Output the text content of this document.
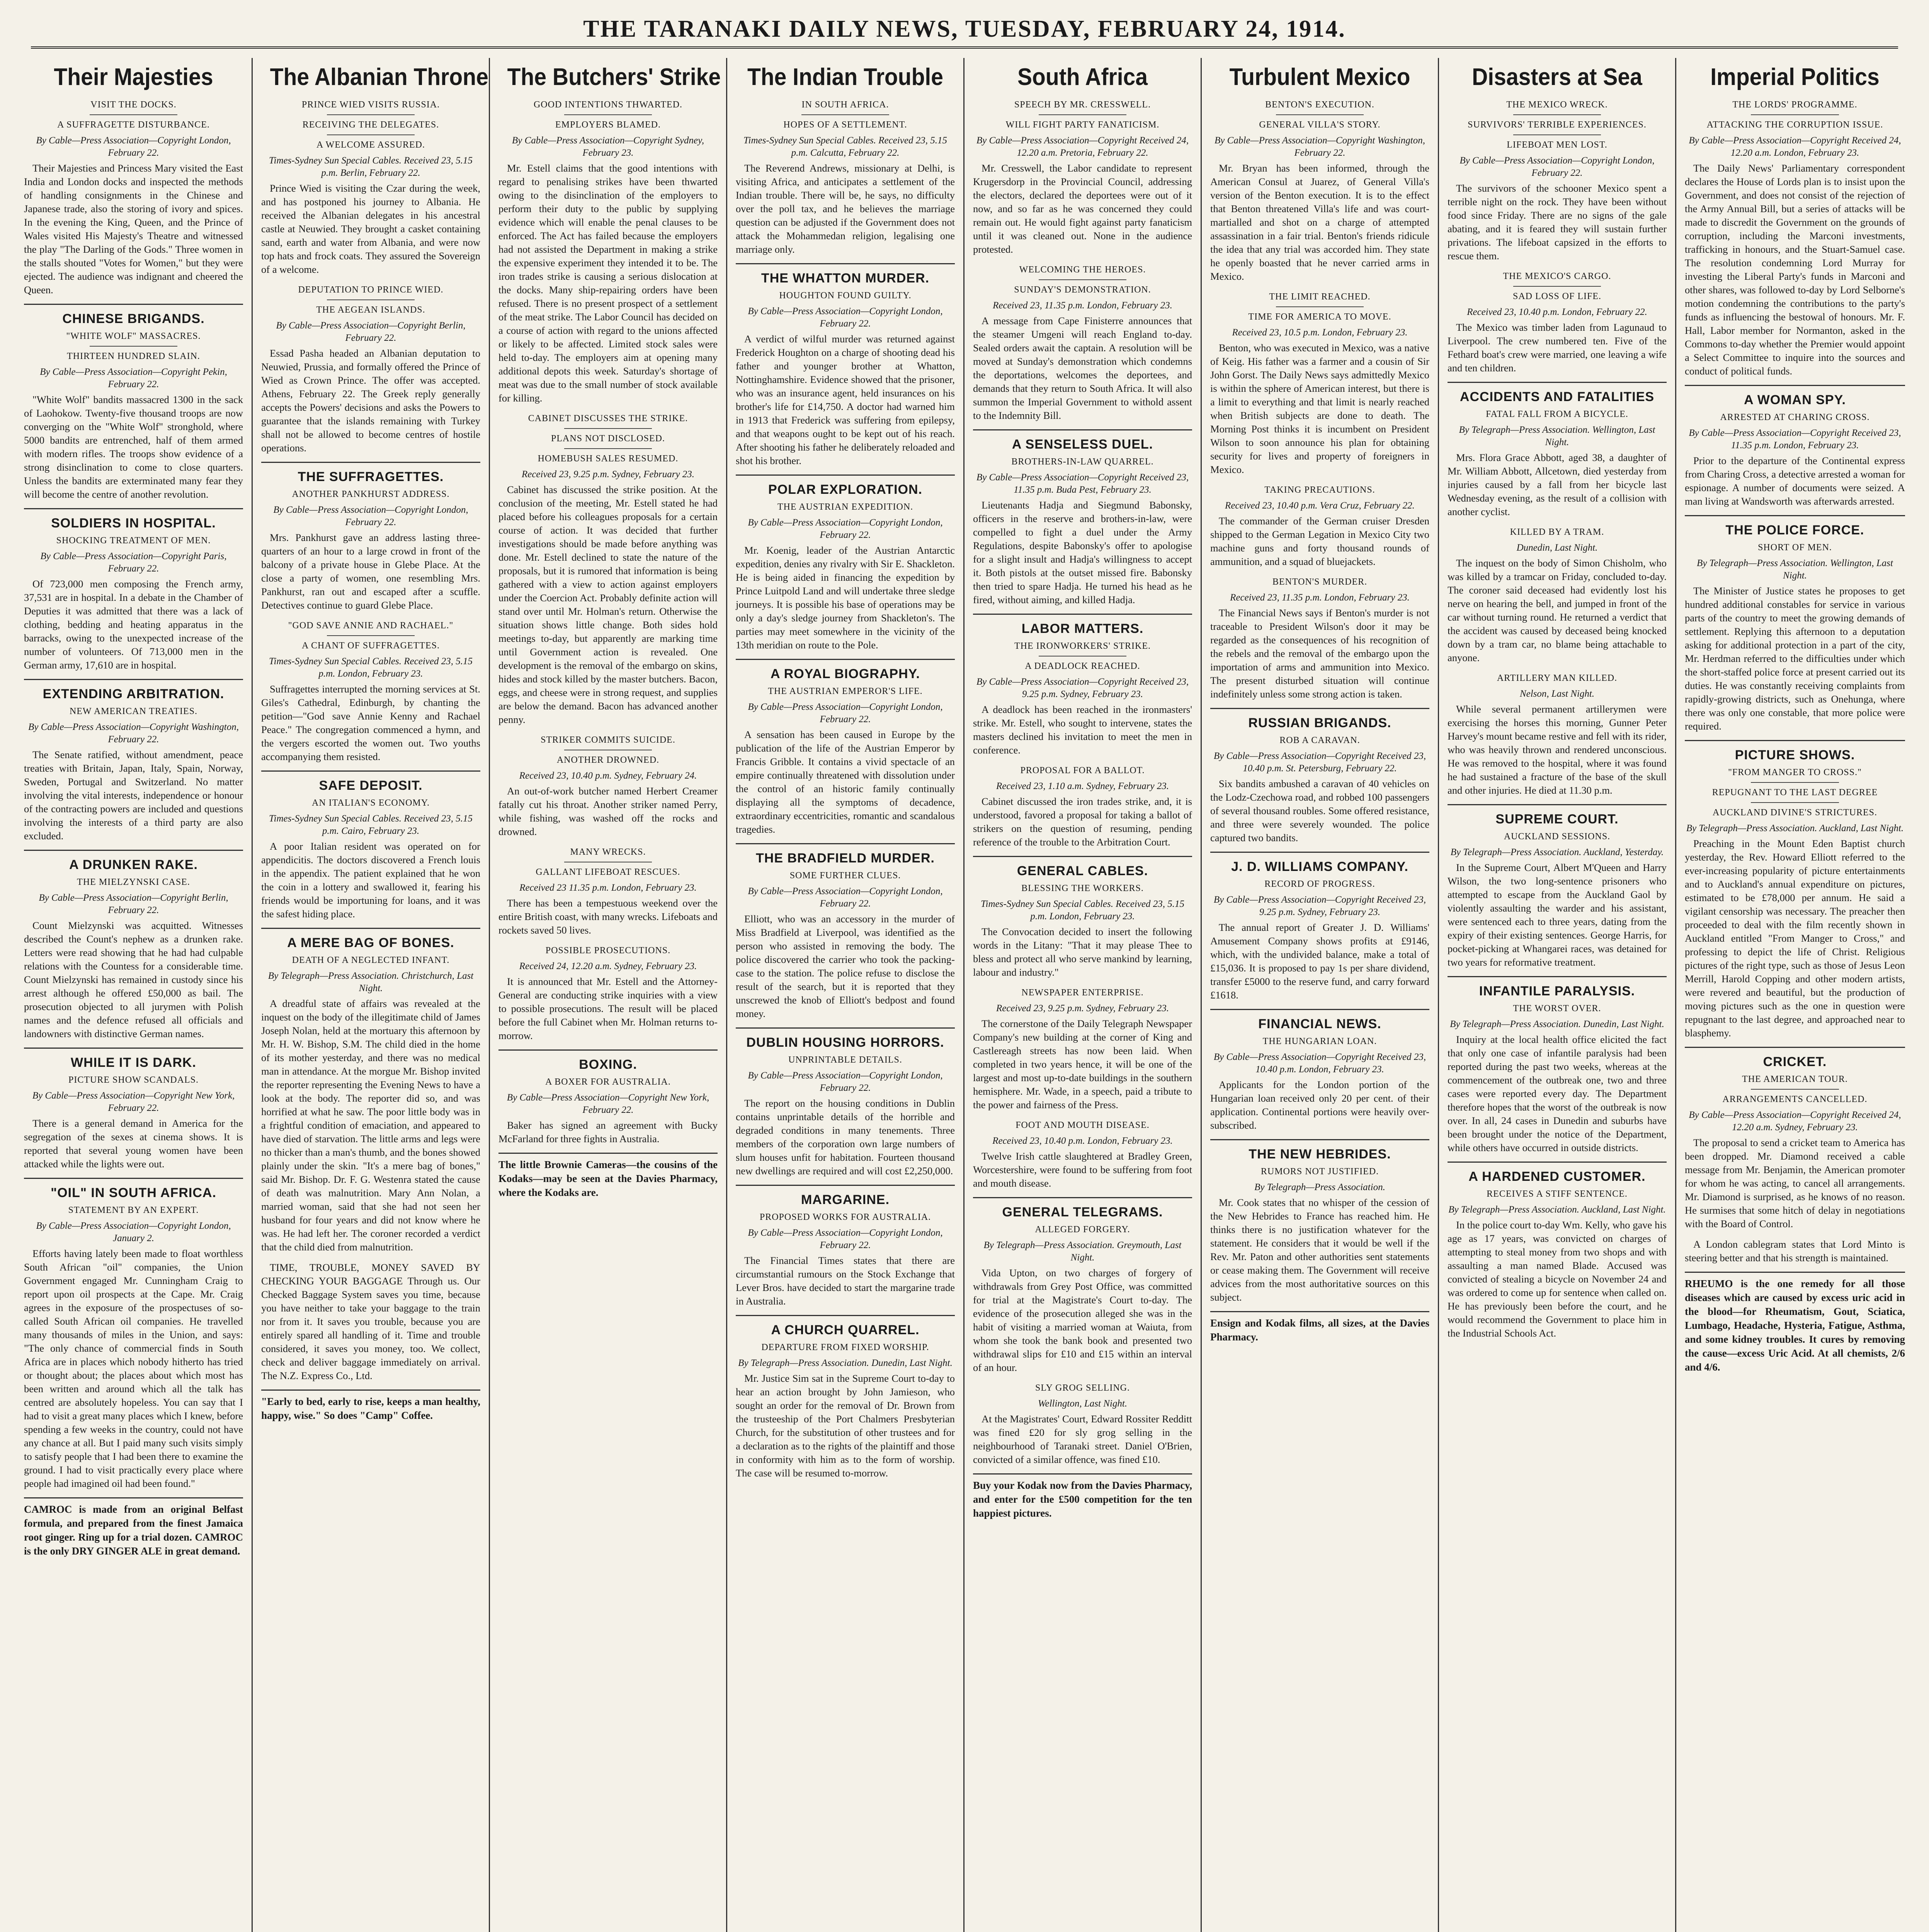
THE TARANAKI DAILY NEWS, TUESDAY, FEBRUARY 24, 1914.
Their Majesties
VISIT THE DOCKS.
A SUFFRAGETTE DISTURBANCE.
By Cable—Press Association—Copyright London, February 22.
Their Majesties and Princess Mary visited the East India and London docks and inspected the methods of handling consignments in the Chinese and Japanese trade, also the storing of ivory and spices. In the evening the King, Queen, and the Prince of Wales visited His Majesty's Theatre and witnessed the play "The Darling of the Gods." Three women in the stalls shouted "Votes for Women," but they were ejected. The audience was indignant and cheered the Queen.
CHINESE BRIGANDS.
"WHITE WOLF" MASSACRES.
THIRTEEN HUNDRED SLAIN.
By Cable—Press Association—Copyright Pekin, February 22.
"White Wolf" bandits massacred 1300 in the sack of Laohokow. Twenty-five thousand troops are now converging on the "White Wolf" stronghold, where 5000 bandits are entrenched, half of them armed with modern rifles. The troops show evidence of a strong disinclination to come to close quarters. Unless the bandits are exterminated many fear they will become the centre of another revolution.
SOLDIERS IN HOSPITAL.
SHOCKING TREATMENT OF MEN.
By Cable—Press Association—Copyright Paris, February 22.
Of 723,000 men composing the French army, 37,531 are in hospital. In a debate in the Chamber of Deputies it was admitted that there was a lack of clothing, bedding and heating apparatus in the barracks, owing to the unexpected increase of the number of volunteers. Of 713,000 men in the German army, 17,610 are in hospital.
EXTENDING ARBITRATION.
NEW AMERICAN TREATIES.
By Cable—Press Association—Copyright Washington, February 22.
The Senate ratified, without amendment, peace treaties with Britain, Japan, Italy, Spain, Norway, Sweden, Portugal and Switzerland. No matter involving the vital interests, independence or honour of the contracting powers are included and questions involving the interests of a third party are also excluded.
A DRUNKEN RAKE.
THE MIELZYNSKI CASE.
By Cable—Press Association—Copyright Berlin, February 22.
Count Mielzynski was acquitted. Witnesses described the Count's nephew as a drunken rake. Letters were read showing that he had had culpable relations with the Countess for a considerable time. Count Mielzynski has remained in custody since his arrest although he offered £50,000 as bail. The prosecution objected to all jurymen with Polish names and the defence refused all officials and landowners with distinctive German names.
WHILE IT IS DARK.
PICTURE SHOW SCANDALS.
By Cable—Press Association—Copyright New York, February 22.
There is a general demand in America for the segregation of the sexes at cinema shows. It is reported that several young women have been attacked while the lights were out.
"OIL" IN SOUTH AFRICA.
STATEMENT BY AN EXPERT.
By Cable—Press Association—Copyright London, January 2.
Efforts having lately been made to float worthless South African "oil" companies, the Union Government engaged Mr. Cunningham Craig to report upon oil prospects at the Cape. Mr. Craig agrees in the exposure of the prospectuses of so-called South African oil companies. He travelled many thousands of miles in the Union, and says: "The only chance of commercial finds in South Africa are in places which nobody hitherto has tried or thought about; the places about which most has been written and around which all the talk has centred are absolutely hopeless. You can say that I had to visit a great many places which I knew, before spending a few weeks in the country, could not have any chance at all. But I paid many such visits simply to satisfy people that I had been there to examine the ground. I had to visit practically every place where people had imagined oil had been found."
CAMROC is made from an original Belfast formula, and prepared from the finest Jamaica root ginger. Ring up for a trial dozen. CAMROC is the only DRY GINGER ALE in great demand.
The Albanian Throne
PRINCE WIED VISITS RUSSIA.
RECEIVING THE DELEGATES.
A WELCOME ASSURED.
Times-Sydney Sun Special Cables. Received 23, 5.15 p.m. Berlin, February 22.
Prince Wied is visiting the Czar during the week, and has postponed his journey to Albania. He received the Albanian delegates in his ancestral castle at Neuwied. They brought a casket containing sand, earth and water from Albania, and were now top hats and frock coats. They assured the Sovereign of a welcome.
DEPUTATION TO PRINCE WIED.
THE AEGEAN ISLANDS.
By Cable—Press Association—Copyright Berlin, February 22.
Essad Pasha headed an Albanian deputation to Neuwied, Prussia, and formally offered the Prince of Wied as Crown Prince. The offer was accepted. Athens, February 22. The Greek reply generally accepts the Powers' decisions and asks the Powers to guarantee that the islands remaining with Turkey shall not be allowed to become centres of hostile operations.
THE SUFFRAGETTES.
ANOTHER PANKHURST ADDRESS.
By Cable—Press Association—Copyright London, February 22.
Mrs. Pankhurst gave an address lasting three-quarters of an hour to a large crowd in front of the balcony of a private house in Glebe Place. At the close a party of women, one resembling Mrs. Pankhurst, ran out and escaped after a scuffle. Detectives continue to guard Glebe Place.
"GOD SAVE ANNIE AND RACHAEL."
A CHANT OF SUFFRAGETTES.
Times-Sydney Sun Special Cables. Received 23, 5.15 p.m. London, February 23.
Suffragettes interrupted the morning services at St. Giles's Cathedral, Edinburgh, by chanting the petition—"God save Annie Kenny and Rachael Peace." The congregation commenced a hymn, and the vergers escorted the women out. Two youths accompanying them resisted.
SAFE DEPOSIT.
AN ITALIAN'S ECONOMY.
Times-Sydney Sun Special Cables. Received 23, 5.15 p.m. Cairo, February 23.
A poor Italian resident was operated on for appendicitis. The doctors discovered a French louis in the appendix. The patient explained that he won the coin in a lottery and swallowed it, fearing his friends would be importuning for loans, and it was the safest hiding place.
A MERE BAG OF BONES.
DEATH OF A NEGLECTED INFANT.
By Telegraph—Press Association. Christchurch, Last Night.
A dreadful state of affairs was revealed at the inquest on the body of the illegitimate child of James Joseph Nolan, held at the mortuary this afternoon by Mr. H. W. Bishop, S.M. The child died in the home of its mother yesterday, and there was no medical man in attendance. At the morgue Mr. Bishop invited the reporter representing the Evening News to have a look at the body. The reporter did so, and was horrified at what he saw. The poor little body was in a frightful condition of emaciation, and appeared to have died of starvation. The little arms and legs were no thicker than a man's thumb, and the bones showed plainly under the skin. "It's a mere bag of bones," said Mr. Bishop. Dr. F. G. Westenra stated the cause of death was malnutrition. Mary Ann Nolan, a married woman, said that she had not seen her husband for four years and did not know where he was. He had left her. The coroner recorded a verdict that the child died from malnutrition.
TIME, TROUBLE, MONEY SAVED BY CHECKING YOUR BAGGAGE Through us. Our Checked Baggage System saves you time, because you have neither to take your baggage to the train nor from it. It saves you trouble, because you are entirely spared all handling of it. Time and trouble considered, it saves you money, too. We collect, check and deliver baggage immediately on arrival. The N.Z. Express Co., Ltd.
"Early to bed, early to rise, keeps a man healthy, happy, wise." So does "Camp" Coffee.
The Butchers' Strike
GOOD INTENTIONS THWARTED.
EMPLOYERS BLAMED.
By Cable—Press Association—Copyright Sydney, February 23.
Mr. Estell claims that the good intentions with regard to penalising strikes have been thwarted owing to the disinclination of the employers to perform their duty to the public by supplying evidence which will enable the penal clauses to be enforced. The Act has failed because the employers had not assisted the Department in making a strike the expensive experiment they intended it to be. The iron trades strike is causing a serious dislocation at the docks. Many ship-repairing orders have been refused. There is no present prospect of a settlement of the meat strike. The Labor Council has decided on a course of action with regard to the unions affected or likely to be affected. Limited stock sales were held to-day. The employers aim at opening many additional depots this week. Saturday's shortage of meat was due to the small number of stock available for killing.
CABINET DISCUSSES THE STRIKE.
PLANS NOT DISCLOSED.
HOMEBUSH SALES RESUMED.
Received 23, 9.25 p.m. Sydney, February 23.
Cabinet has discussed the strike position. At the conclusion of the meeting, Mr. Estell stated he had placed before his colleagues proposals for a certain course of action. It was decided that further investigations should be made before anything was done. Mr. Estell declined to state the nature of the proposals, but it is rumored that information is being gathered with a view to action against employers under the Coercion Act. Probably definite action will stand over until Mr. Holman's return. Otherwise the situation shows little change. Both sides hold meetings to-day, but apparently are marking time until Government action is revealed. One development is the removal of the embargo on skins, hides and stock killed by the master butchers. Bacon, eggs, and cheese were in strong request, and supplies are below the demand. Bacon has advanced another penny.
STRIKER COMMITS SUICIDE.
ANOTHER DROWNED.
Received 23, 10.40 p.m. Sydney, February 24.
An out-of-work butcher named Herbert Creamer fatally cut his throat. Another striker named Perry, while fishing, was washed off the rocks and drowned.
MANY WRECKS.
GALLANT LIFEBOAT RESCUES.
Received 23 11.35 p.m. London, February 23.
There has been a tempestuous weekend over the entire British coast, with many wrecks. Lifeboats and rockets saved 50 lives.
POSSIBLE PROSECUTIONS.
Received 24, 12.20 a.m. Sydney, February 23.
It is announced that Mr. Estell and the Attorney-General are conducting strike inquiries with a view to possible prosecutions. The result will be placed before the full Cabinet when Mr. Holman returns to-morrow.
BOXING.
A BOXER FOR AUSTRALIA.
By Cable—Press Association—Copyright New York, February 22.
Baker has signed an agreement with Bucky McFarland for three fights in Australia.
The little Brownie Cameras—the cousins of the Kodaks—may be seen at the Davies Pharmacy, where the Kodaks are.
The Indian Trouble
IN SOUTH AFRICA.
HOPES OF A SETTLEMENT.
Times-Sydney Sun Special Cables. Received 23, 5.15 p.m. Calcutta, February 22.
The Reverend Andrews, missionary at Delhi, is visiting Africa, and anticipates a settlement of the Indian trouble. There will be, he says, no difficulty over the poll tax, and he believes the marriage question can be adjusted if the Government does not attack the Mohammedan religion, legalising one marriage only.
THE WHATTON MURDER.
HOUGHTON FOUND GUILTY.
By Cable—Press Association—Copyright London, February 22.
A verdict of wilful murder was returned against Frederick Houghton on a charge of shooting dead his father and younger brother at Whatton, Nottinghamshire. Evidence showed that the prisoner, who was an insurance agent, held insurances on his brother's life for £14,750. A doctor had warned him in 1913 that Frederick was suffering from epilepsy, and that weapons ought to be kept out of his reach. After shooting his father he deliberately reloaded and shot his brother.
POLAR EXPLORATION.
THE AUSTRIAN EXPEDITION.
By Cable—Press Association—Copyright London, February 22.
Mr. Koenig, leader of the Austrian Antarctic expedition, denies any rivalry with Sir E. Shackleton. He is being aided in financing the expedition by Prince Luitpold Land and will undertake three sledge journeys. It is possible his base of operations may be only a day's sledge journey from Shackleton's. The parties may meet somewhere in the vicinity of the 13th meridian on route to the Pole.
A ROYAL BIOGRAPHY.
THE AUSTRIAN EMPEROR'S LIFE.
By Cable—Press Association—Copyright London, February 22.
A sensation has been caused in Europe by the publication of the life of the Austrian Emperor by Francis Gribble. It contains a vivid spectacle of an empire continually threatened with dissolution under the control of an historic family continually displaying all the symptoms of decadence, extraordinary eccentricities, romantic and scandalous tragedies.
THE BRADFIELD MURDER.
SOME FURTHER CLUES.
By Cable—Press Association—Copyright London, February 22.
Elliott, who was an accessory in the murder of Miss Bradfield at Liverpool, was identified as the person who assisted in removing the body. The police discovered the carrier who took the packing-case to the station. The police refuse to disclose the result of the search, but it is reported that they unscrewed the knob of Elliott's bedpost and found money.
DUBLIN HOUSING HORRORS.
UNPRINTABLE DETAILS.
By Cable—Press Association—Copyright London, February 22.
The report on the housing conditions in Dublin contains unprintable details of the horrible and degraded conditions in many tenements. Three members of the corporation own large numbers of slum houses unfit for habitation. Fourteen thousand new dwellings are required and will cost £2,250,000.
MARGARINE.
PROPOSED WORKS FOR AUSTRALIA.
By Cable—Press Association—Copyright London, February 22.
The Financial Times states that there are circumstantial rumours on the Stock Exchange that Lever Bros. have decided to start the margarine trade in Australia.
A CHURCH QUARREL.
DEPARTURE FROM FIXED WORSHIP.
By Telegraph—Press Association. Dunedin, Last Night.
Mr. Justice Sim sat in the Supreme Court to-day to hear an action brought by John Jamieson, who sought an order for the removal of Dr. Brown from the trusteeship of the Port Chalmers Presbyterian Church, for the substitution of other trustees and for a declaration as to the rights of the plaintiff and those in conformity with him as to the form of worship. The case will be resumed to-morrow.
South Africa
SPEECH BY MR. CRESSWELL.
WILL FIGHT PARTY FANATICISM.
By Cable—Press Association—Copyright Received 24, 12.20 a.m. Pretoria, February 22.
Mr. Cresswell, the Labor candidate to represent Krugersdorp in the Provincial Council, addressing the electors, declared the deportees were out of it now, and so far as he was concerned they could remain out. He would fight against party fanaticism until it was cleaned out. None in the audience protested.
WELCOMING THE HEROES.
SUNDAY'S DEMONSTRATION.
Received 23, 11.35 p.m. London, February 23.
A message from Cape Finisterre announces that the steamer Umgeni will reach England to-day. Sealed orders await the captain. A resolution will be moved at Sunday's demonstration which condemns the deportations, welcomes the deportees, and demands that they return to South Africa. It will also summon the Imperial Government to withold assent to the Indemnity Bill.
A SENSELESS DUEL.
BROTHERS-IN-LAW QUARREL.
By Cable—Press Association—Copyright Received 23, 11.35 p.m. Buda Pest, February 23.
Lieutenants Hadja and Siegmund Babonsky, officers in the reserve and brothers-in-law, were compelled to fight a duel under the Army Regulations, despite Babonsky's offer to apologise for a slight insult and Hadja's willingness to accept it. Both pistols at the outset missed fire. Babonsky then tried to spare Hadja. He turned his head as he fired, without aiming, and killed Hadja.
LABOR MATTERS.
THE IRONWORKERS' STRIKE.
A DEADLOCK REACHED.
By Cable—Press Association—Copyright Received 23, 9.25 p.m. Sydney, February 23.
A deadlock has been reached in the ironmasters' strike. Mr. Estell, who sought to intervene, states the masters declined his invitation to meet the men in conference.
PROPOSAL FOR A BALLOT.
Received 23, 1.10 a.m. Sydney, February 23.
Cabinet discussed the iron trades strike, and, it is understood, favored a proposal for taking a ballot of strikers on the question of resuming, pending reference of the trouble to the Arbitration Court.
GENERAL CABLES.
BLESSING THE WORKERS.
Times-Sydney Sun Special Cables. Received 23, 5.15 p.m. London, February 23.
The Convocation decided to insert the following words in the Litany: "That it may please Thee to bless and protect all who serve mankind by learning, labour and industry."
NEWSPAPER ENTERPRISE.
Received 23, 9.25 p.m. Sydney, February 23.
The cornerstone of the Daily Telegraph Newspaper Company's new building at the corner of King and Castlereagh streets has now been laid. When completed in two years hence, it will be one of the largest and most up-to-date buildings in the southern hemisphere. Mr. Wade, in a speech, paid a tribute to the power and fairness of the Press.
FOOT AND MOUTH DISEASE.
Received 23, 10.40 p.m. London, February 23.
Twelve Irish cattle slaughtered at Bradley Green, Worcestershire, were found to be suffering from foot and mouth disease.
GENERAL TELEGRAMS.
ALLEGED FORGERY.
By Telegraph—Press Association. Greymouth, Last Night.
Vida Upton, on two charges of forgery of withdrawals from Grey Post Office, was committed for trial at the Magistrate's Court to-day. The evidence of the prosecution alleged she was in the habit of visiting a married woman at Waiuta, from whom she took the bank book and presented two withdrawal slips for £10 and £15 within an interval of an hour.
SLY GROG SELLING.
Wellington, Last Night.
At the Magistrates' Court, Edward Rossiter Redditt was fined £20 for sly grog selling in the neighbourhood of Taranaki street. Daniel O'Brien, convicted of a similar offence, was fined £10.
Buy your Kodak now from the Davies Pharmacy, and enter for the £500 competition for the ten happiest pictures.
Turbulent Mexico
BENTON'S EXECUTION.
GENERAL VILLA'S STORY.
By Cable—Press Association—Copyright Washington, February 22.
Mr. Bryan has been informed, through the American Consul at Juarez, of General Villa's version of the Benton execution. It is to the effect that Benton threatened Villa's life and was court-martialled and shot on a charge of attempted assassination in a fair trial. Benton's friends ridicule the idea that any trial was accorded him. They state he openly boasted that he never carried arms in Mexico.
THE LIMIT REACHED.
TIME FOR AMERICA TO MOVE.
Received 23, 10.5 p.m. London, February 23.
Benton, who was executed in Mexico, was a native of Keig. His father was a farmer and a cousin of Sir John Gorst. The Daily News says admittedly Mexico is within the sphere of American interest, but there is a limit to everything and that limit is nearly reached when British subjects are done to death. The Morning Post thinks it is incumbent on President Wilson to soon announce his plan for obtaining security for lives and property of foreigners in Mexico.
TAKING PRECAUTIONS.
Received 23, 10.40 p.m. Vera Cruz, February 22.
The commander of the German cruiser Dresden shipped to the German Legation in Mexico City two machine guns and forty thousand rounds of ammunition, and a squad of bluejackets.
BENTON'S MURDER.
Received 23, 11.35 p.m. London, February 23.
The Financial News says if Benton's murder is not traceable to President Wilson's door it may be regarded as the consequences of his recognition of the rebels and the removal of the embargo upon the importation of arms and ammunition into Mexico. The present disturbed situation will continue indefinitely unless some strong action is taken.
RUSSIAN BRIGANDS.
ROB A CARAVAN.
By Cable—Press Association—Copyright Received 23, 10.40 p.m. St. Petersburg, February 22.
Six bandits ambushed a caravan of 40 vehicles on the Lodz-Czechowa road, and robbed 100 passengers of several thousand roubles. Some offered resistance, and three were severely wounded. The police captured two bandits.
J. D. WILLIAMS COMPANY.
RECORD OF PROGRESS.
By Cable—Press Association—Copyright Received 23, 9.25 p.m. Sydney, February 23.
The annual report of Greater J. D. Williams' Amusement Company shows profits at £9146, which, with the undivided balance, make a total of £15,036. It is proposed to pay 1s per share dividend, transfer £5000 to the reserve fund, and carry forward £1618.
FINANCIAL NEWS.
THE HUNGARIAN LOAN.
By Cable—Press Association—Copyright Received 23, 10.40 p.m. London, February 23.
Applicants for the London portion of the Hungarian loan received only 20 per cent. of their application. Continental portions were heavily over-subscribed.
THE NEW HEBRIDES.
RUMORS NOT JUSTIFIED.
By Telegraph—Press Association.
Mr. Cook states that no whisper of the cession of the New Hebrides to France has reached him. He thinks there is no justification whatever for the statement. He considers that it would be well if the Rev. Mr. Paton and other authorities sent statements or cease making them. The Government will receive advices from the most authoritative sources on this subject.
Ensign and Kodak films, all sizes, at the Davies Pharmacy.
Disasters at Sea
THE MEXICO WRECK.
SURVIVORS' TERRIBLE EXPERIENCES.
LIFEBOAT MEN LOST.
By Cable—Press Association—Copyright London, February 22.
The survivors of the schooner Mexico spent a terrible night on the rock. They have been without food since Friday. There are no signs of the gale abating, and it is feared they will sustain further privations. The lifeboat capsized in the efforts to rescue them.
THE MEXICO'S CARGO.
SAD LOSS OF LIFE.
Received 23, 10.40 p.m. London, February 22.
The Mexico was timber laden from Lagunaud to Liverpool. The crew numbered ten. Five of the Fethard boat's crew were married, one leaving a wife and ten children.
ACCIDENTS AND FATALITIES
FATAL FALL FROM A BICYCLE.
By Telegraph—Press Association. Wellington, Last Night.
Mrs. Flora Grace Abbott, aged 38, a daughter of Mr. William Abbott, Allcetown, died yesterday from injuries caused by a fall from her bicycle last Wednesday evening, as the result of a collision with another cyclist.
KILLED BY A TRAM.
Dunedin, Last Night.
The inquest on the body of Simon Chisholm, who was killed by a tramcar on Friday, concluded to-day. The coroner said deceased had evidently lost his nerve on hearing the bell, and jumped in front of the car without turning round. He returned a verdict that the accident was caused by deceased being knocked down by a tram car, no blame being attachable to anyone.
ARTILLERY MAN KILLED.
Nelson, Last Night.
While several permanent artillerymen were exercising the horses this morning, Gunner Peter Harvey's mount became restive and fell with its rider, who was heavily thrown and rendered unconscious. He was removed to the hospital, where it was found he had sustained a fracture of the base of the skull and other injuries. He died at 11.30 p.m.
SUPREME COURT.
AUCKLAND SESSIONS.
By Telegraph—Press Association. Auckland, Yesterday.
In the Supreme Court, Albert M'Queen and Harry Wilson, the two long-sentence prisoners who attempted to escape from the Auckland Gaol by violently assaulting the warder and his assistant, were sentenced each to three years, dating from the expiry of their existing sentences. George Harris, for pocket-picking at Whangarei races, was detained for two years for reformative treatment.
INFANTILE PARALYSIS.
THE WORST OVER.
By Telegraph—Press Association. Dunedin, Last Night.
Inquiry at the local health office elicited the fact that only one case of infantile paralysis had been reported during the past two weeks, whereas at the commencement of the outbreak one, two and three cases were reported every day. The Department therefore hopes that the worst of the outbreak is now over. In all, 24 cases in Dunedin and suburbs have been brought under the notice of the Department, while others have occurred in outside districts.
A HARDENED CUSTOMER.
RECEIVES A STIFF SENTENCE.
By Telegraph—Press Association. Auckland, Last Night.
In the police court to-day Wm. Kelly, who gave his age as 17 years, was convicted on charges of attempting to steal money from two shops and with assaulting a man named Blade. Accused was convicted of stealing a bicycle on November 24 and was ordered to come up for sentence when called on. He has previously been before the court, and he would recommend the Government to place him in the Industrial Schools Act.
Imperial Politics
THE LORDS' PROGRAMME.
ATTACKING THE CORRUPTION ISSUE.
By Cable—Press Association—Copyright Received 24, 12.20 a.m. London, February 23.
The Daily News' Parliamentary correspondent declares the House of Lords plan is to insist upon the Government, and does not consist of the rejection of the Army Annual Bill, but a series of attacks will be made to discredit the Government on the grounds of corruption, including the Marconi investments, trafficking in honours, and the Stuart-Samuel case. The resolution condemning Lord Murray for investing the Liberal Party's funds in Marconi and other shares, was followed to-day by Lord Selborne's motion condemning the contributions to the party's funds as influencing the bestowal of honours. Mr. F. Hall, Labor member for Normanton, asked in the Commons to-day whether the Premier would appoint a Select Committee to inquire into the sources and conduct of political funds.
A WOMAN SPY.
ARRESTED AT CHARING CROSS.
By Cable—Press Association—Copyright Received 23, 11.35 p.m. London, February 23.
Prior to the departure of the Continental express from Charing Cross, a detective arrested a woman for espionage. A number of documents were seized. A man living at Wandsworth was afterwards arrested.
THE POLICE FORCE.
SHORT OF MEN.
By Telegraph—Press Association. Wellington, Last Night.
The Minister of Justice states he proposes to get hundred additional constables for service in various parts of the country to meet the growing demands of settlement. Replying this afternoon to a deputation asking for additional protection in a part of the city, Mr. Herdman referred to the difficulties under which the short-staffed police force at present carried out its duties. He was constantly receiving complaints from rapidly-growing districts, such as Onehunga, where there was only one constable, that more police were required.
PICTURE SHOWS.
"FROM MANGER TO CROSS."
REPUGNANT TO THE LAST DEGREE
AUCKLAND DIVINE'S STRICTURES.
By Telegraph—Press Association. Auckland, Last Night.
Preaching in the Mount Eden Baptist church yesterday, the Rev. Howard Elliott referred to the ever-increasing popularity of picture entertainments and to Auckland's annual expenditure on pictures, estimated to be £78,000 per annum. He said a vigilant censorship was necessary. The preacher then proceeded to deal with the film recently shown in Auckland entitled "From Manger to Cross," and professing to depict the life of Christ. Religious pictures of the right type, such as those of Jesus Leon Merrill, Harold Copping and other modern artists, were revered and beautiful, but the production of moving pictures such as the one in question were repugnant to the last degree, and approached near to blasphemy.
CRICKET.
THE AMERICAN TOUR.
ARRANGEMENTS CANCELLED.
By Cable—Press Association—Copyright Received 24, 12.20 a.m. Sydney, February 23.
The proposal to send a cricket team to America has been dropped. Mr. Diamond received a cable message from Mr. Benjamin, the American promoter for whom he was acting, to cancel all arrangements. Mr. Diamond is surprised, as he knows of no reason. He surmises that some hitch of delay in negotiations with the Board of Control.
A London cablegram states that Lord Minto is steering better and that his strength is maintained.
RHEUMO is the one remedy for all those diseases which are caused by excess uric acid in the blood—for Rheumatism, Gout, Sciatica, Lumbago, Headache, Hysteria, Fatigue, Asthma, and some kidney troubles. It cures by removing the cause—excess Uric Acid. At all chemists, 2/6 and 4/6.
